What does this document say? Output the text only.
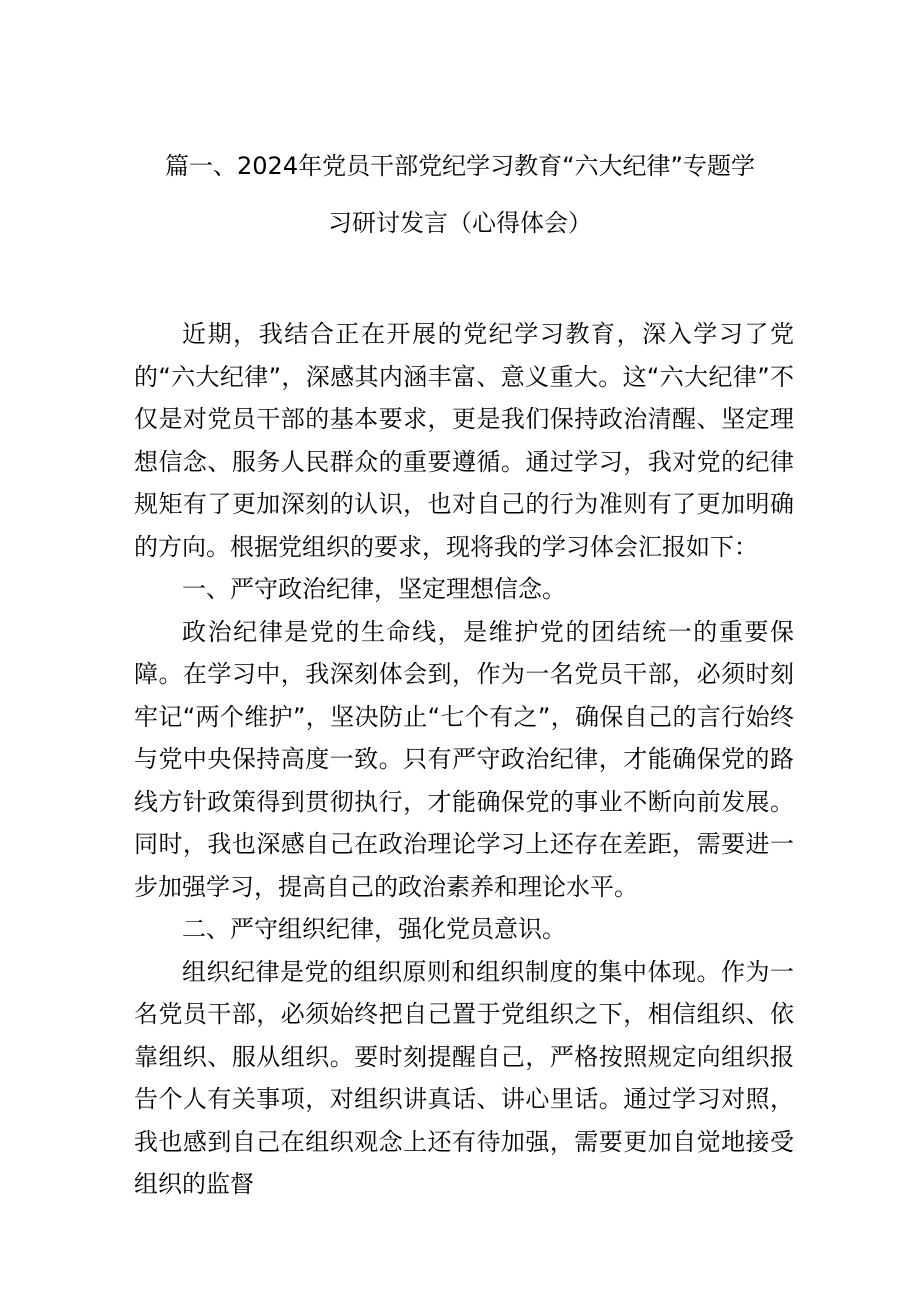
篇一、2024年党员干部党纪学习教育“六大纪律”专题学
习研讨发言（心得体会）

近期，我结合正在开展的党纪学习教育，深入学习了党的“六大纪律”，深感其内涵丰富、意义重大。这“六大纪律”不仅是对党员干部的基本要求，更是我们保持政治清醒、坚定理想信念、服务人民群众的重要遵循。通过学习，我对党的纪律规矩有了更加深刻的认识，也对自己的行为准则有了更加明确的方向。根据党组织的要求，现将我的学习体会汇报如下：

一、严守政治纪律，坚定理想信念。

政治纪律是党的生命线，是维护党的团结统一的重要保障。在学习中，我深刻体会到，作为一名党员干部，必须时刻牢记“两个维护”，坚决防止“七个有之”，确保自己的言行始终与党中央保持高度一致。只有严守政治纪律，才能确保党的路线方针政策得到贯彻执行，才能确保党的事业不断向前发展。同时，我也深感自己在政治理论学习上还存在差距，需要进一步加强学习，提高自己的政治素养和理论水平。

二、严守组织纪律，强化党员意识。

组织纪律是党的组织原则和组织制度的集中体现。作为一名党员干部，必须始终把自己置于党组织之下，相信组织、依靠组织、服从组织。要时刻提醒自己，严格按照规定向组织报告个人有关事项，对组织讲真话、讲心里话。通过学习对照，我也感到自己在组织观念上还有待加强，需要更加自觉地接受组织的监督
